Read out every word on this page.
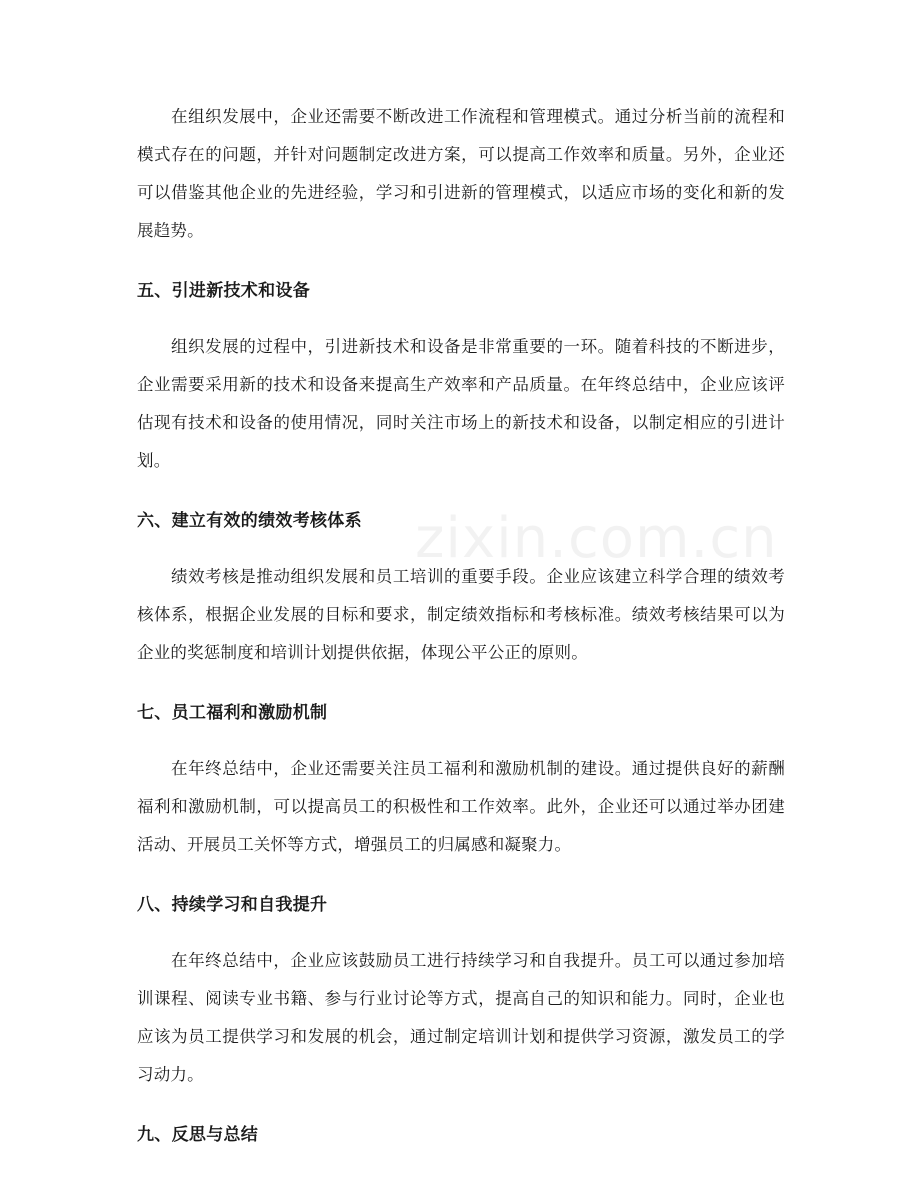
zixin.com.cn

在组织发展中，企业还需要不断改进工作流程和管理模式。通过分析当前的流程和模式存在的问题，并针对问题制定改进方案，可以提高工作效率和质量。另外，企业还可以借鉴其他企业的先进经验，学习和引进新的管理模式，以适应市场的变化和新的发展趋势。

五、引进新技术和设备

组织发展的过程中，引进新技术和设备是非常重要的一环。随着科技的不断进步，企业需要采用新的技术和设备来提高生产效率和产品质量。在年终总结中，企业应该评估现有技术和设备的使用情况，同时关注市场上的新技术和设备，以制定相应的引进计划。

六、建立有效的绩效考核体系

绩效考核是推动组织发展和员工培训的重要手段。企业应该建立科学合理的绩效考核体系，根据企业发展的目标和要求，制定绩效指标和考核标准。绩效考核结果可以为企业的奖惩制度和培训计划提供依据，体现公平公正的原则。

七、员工福利和激励机制

在年终总结中，企业还需要关注员工福利和激励机制的建设。通过提供良好的薪酬福利和激励机制，可以提高员工的积极性和工作效率。此外，企业还可以通过举办团建活动、开展员工关怀等方式，增强员工的归属感和凝聚力。

八、持续学习和自我提升

在年终总结中，企业应该鼓励员工进行持续学习和自我提升。员工可以通过参加培训课程、阅读专业书籍、参与行业讨论等方式，提高自己的知识和能力。同时，企业也应该为员工提供学习和发展的机会，通过制定培训计划和提供学习资源，激发员工的学习动力。

九、反思与总结
